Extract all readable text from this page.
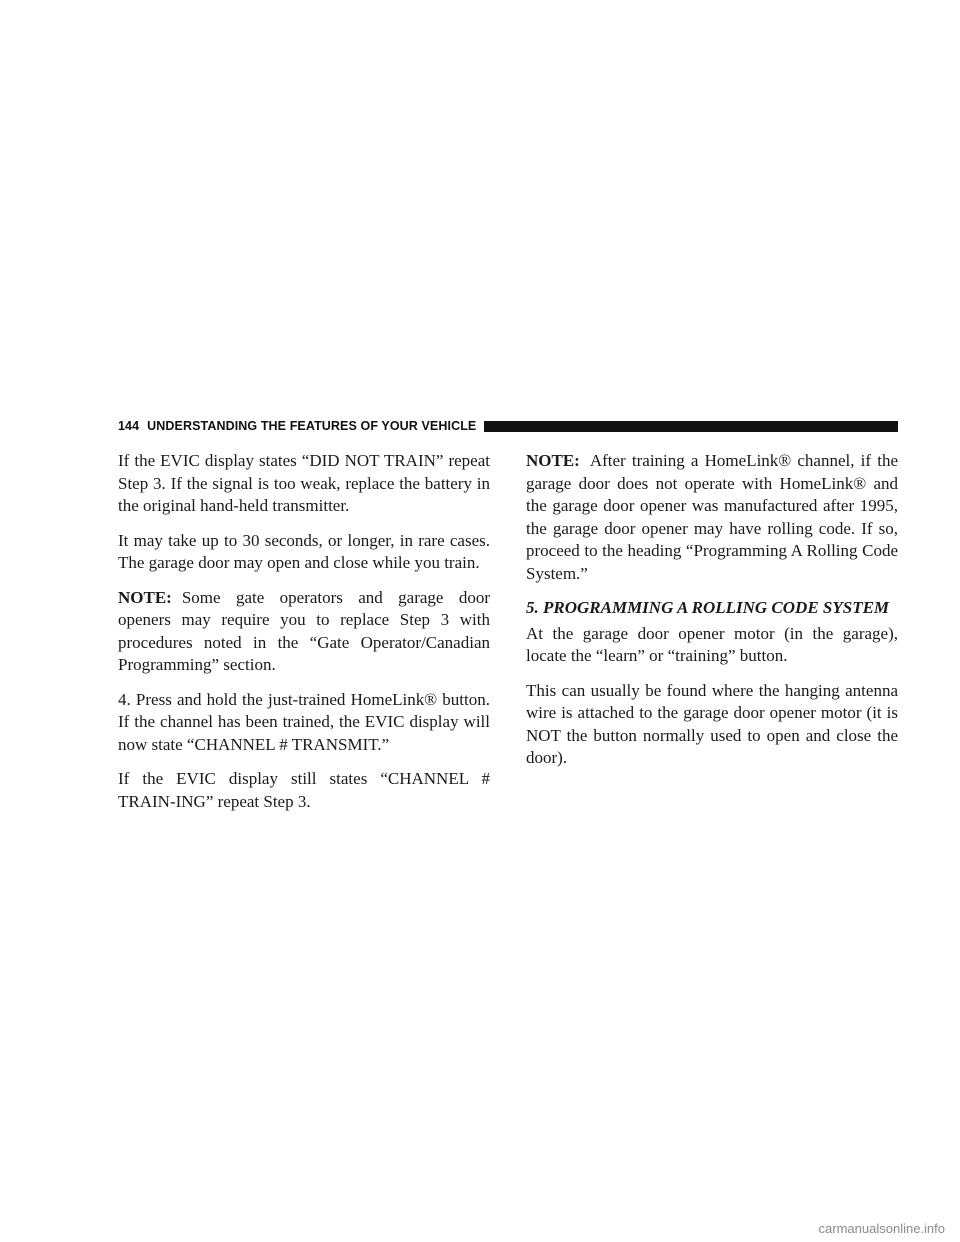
144 UNDERSTANDING THE FEATURES OF YOUR VEHICLE

If the EVIC display states “DID NOT TRAIN” repeat Step 3. If the signal is too weak, replace the battery in the original hand-held transmitter.

It may take up to 30 seconds, or longer, in rare cases. The garage door may open and close while you train.

NOTE: Some gate operators and garage door openers may require you to replace Step 3 with procedures noted in the “Gate Operator/Canadian Programming” section.

4. Press and hold the just-trained HomeLink® button. If the channel has been trained, the EVIC display will now state “CHANNEL # TRANSMIT.”

If the EVIC display still states “CHANNEL # TRAIN-ING” repeat Step 3.

NOTE: After training a HomeLink® channel, if the garage door does not operate with HomeLink® and the garage door opener was manufactured after 1995, the garage door opener may have rolling code. If so, proceed to the heading “Programming A Rolling Code System.”

5. PROGRAMMING A ROLLING CODE SYSTEM

At the garage door opener motor (in the garage), locate the “learn” or “training” button.

This can usually be found where the hanging antenna wire is attached to the garage door opener motor (it is NOT the button normally used to open and close the door).

carmanualsonline.info
